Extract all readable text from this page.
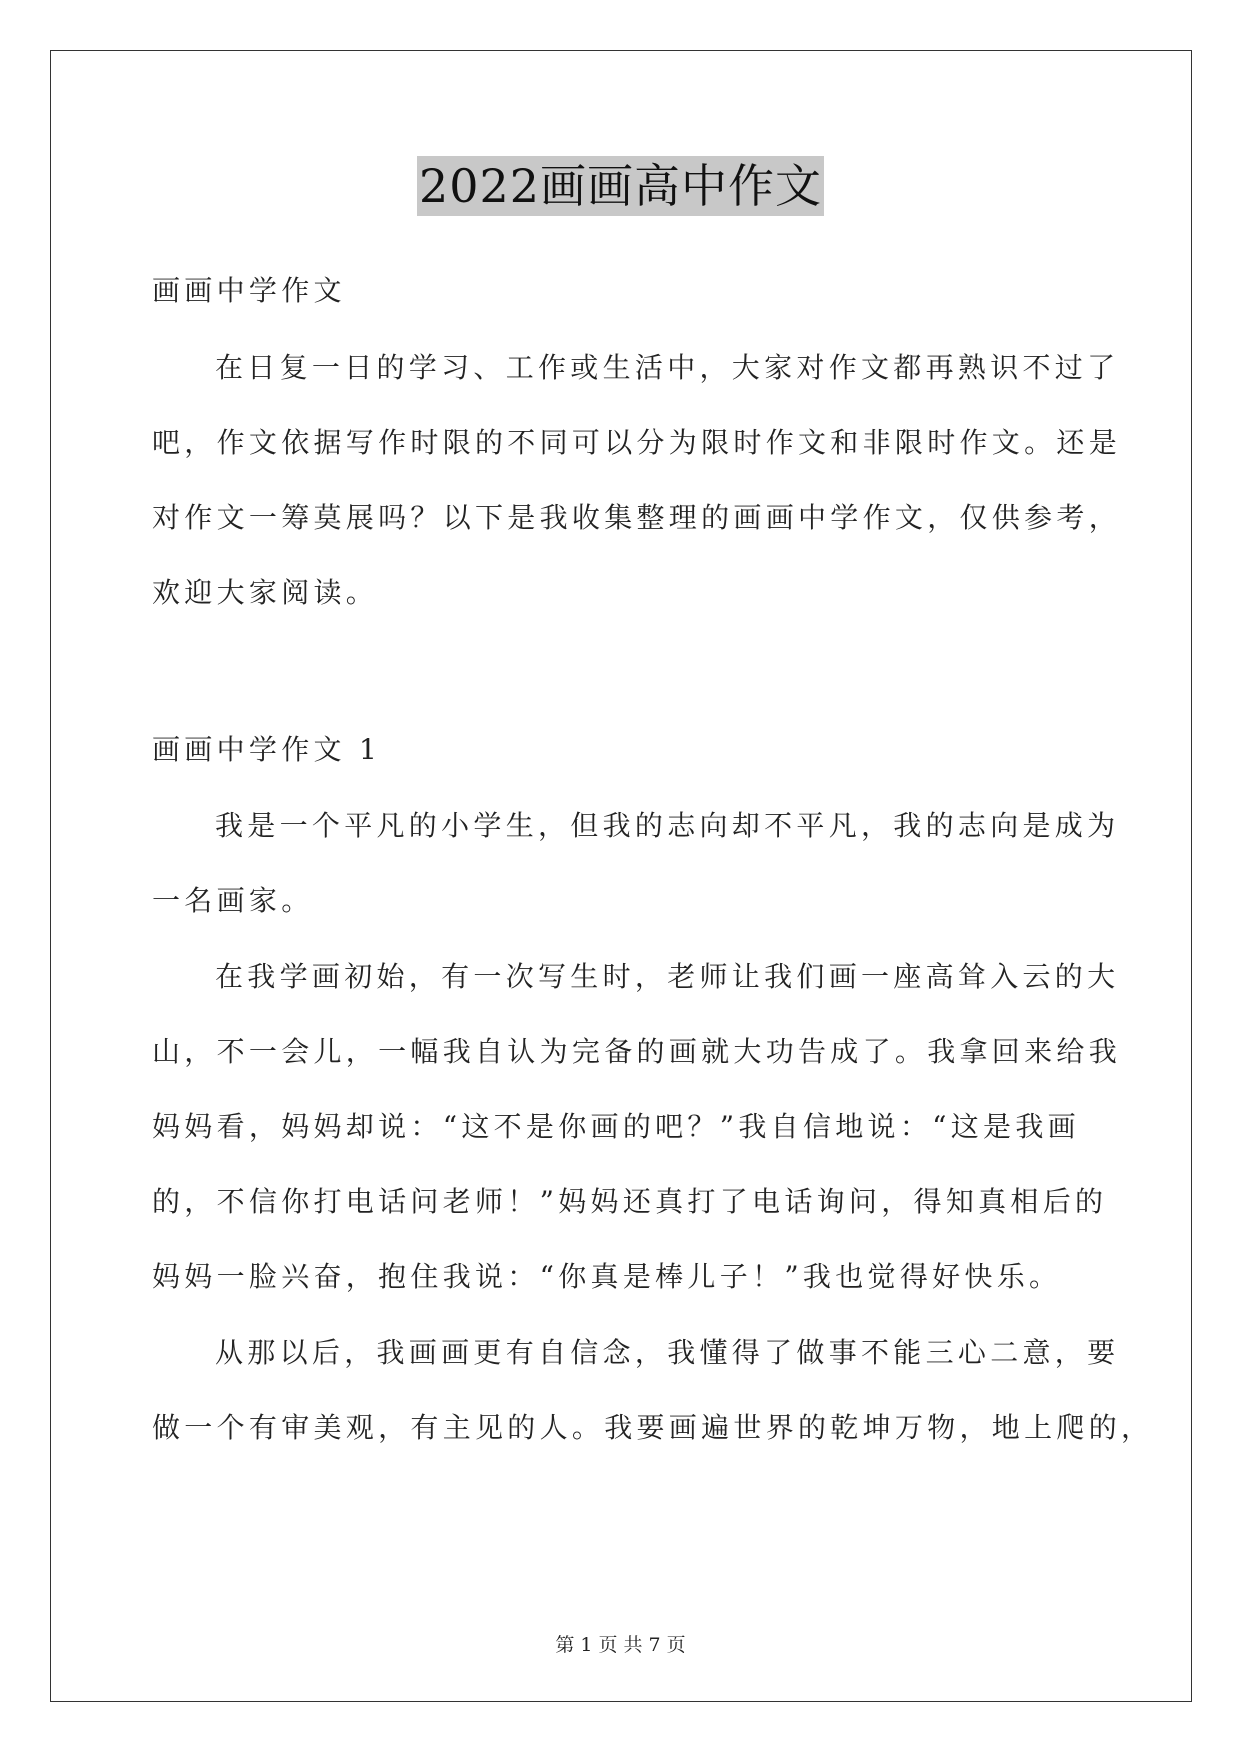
2022画画高中作文
画画中学作文
在日复一日的学习、工作或生活中，大家对作文都再熟识不过了
吧，作文依据写作时限的不同可以分为限时作文和非限时作文。还是
对作文一筹莫展吗？以下是我收集整理的画画中学作文，仅供参考，
欢迎大家阅读。
画画中学作文 1
我是一个平凡的小学生，但我的志向却不平凡，我的志向是成为
一名画家。
在我学画初始，有一次写生时，老师让我们画一座高耸入云的大
山，不一会儿，一幅我自认为完备的画就大功告成了。我拿回来给我
妈妈看，妈妈却说：“这不是你画的吧？”我自信地说：“这是我画
的，不信你打电话问老师！”妈妈还真打了电话询问，得知真相后的
妈妈一脸兴奋，抱住我说：“你真是棒儿子！”我也觉得好快乐。
从那以后，我画画更有自信念，我懂得了做事不能三心二意，要
做一个有审美观，有主见的人。我要画遍世界的乾坤万物，地上爬的，
第 1 页 共 7 页
